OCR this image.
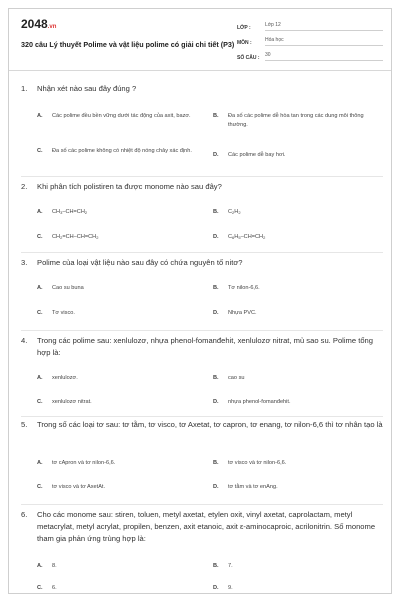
2048.vn
320 câu Lý thuyết Polime và vật liệu polime có giải chi tiết (P3)
LỚP :	Lớp 12
MÔN :	Hóa học
SỐ CÂU :	30
1.	Nhận xét nào sau đây đúng ?
A.	Các polime đều bền vững dưới tác động của axit, bazơ.	B.	Đa số các polime dễ hòa tan trong các dung môi thông thường.
C.	Đa số các polime không có nhiệt độ nóng chảy xác định.
D.	Các polime dễ bay hơi.
2.	Khi phân tích polistiren ta được monome nào sau đây?
A.	$CH_3-CH=CH_2$	B.	$C_2H_2$
C.	$CH_2=CH-CH=CH_2$	D.	$C_6H_5-CH=CH_2$
3.	Polime của loại vật liệu nào sau đây có chứa nguyên tố nitơ?
A.	Cao su buna	B.	Tơ nilon-6,6.
C.	Tơ visco.	D.	Nhựa PVC.
4.	Trong các polime sau: xenlulozơ, nhựa phenol-fomanđehit, xenlulozơ nitrat, mủ sao su. Polime tổng hợp là:
A.	xenlulozơ.	B.	cao su
C.	xenlulozơ nitrat.	D.	nhựa phenol-fomanđehit.
5.	Trong số các loại tơ sau: tơ tằm, tơ visco, tơ Axetat, tơ capron, tơ enang, tơ nilon-6,6 thì tơ nhân tạo là
A.	tơ cApron và tơ nilon-6,6.	B.	tơ visco và tơ nilon-6,6.
C.	tơ visco và tơ AxetAt.	D.	tơ tằm và tơ enAng.
6.	Cho các monome sau: stiren, toluen, metyl axetat, etylen oxit, vinyl axetat, caprolactam, metyl metacrylat, metyl acrylat, propilen, benzen, axit etanoic, axit ε-aminocaproic, acrilonitrin. Số monome tham gia phản ứng trùng hợp là:
A.	8.	B.	7.
C.	6.	D.	9.
